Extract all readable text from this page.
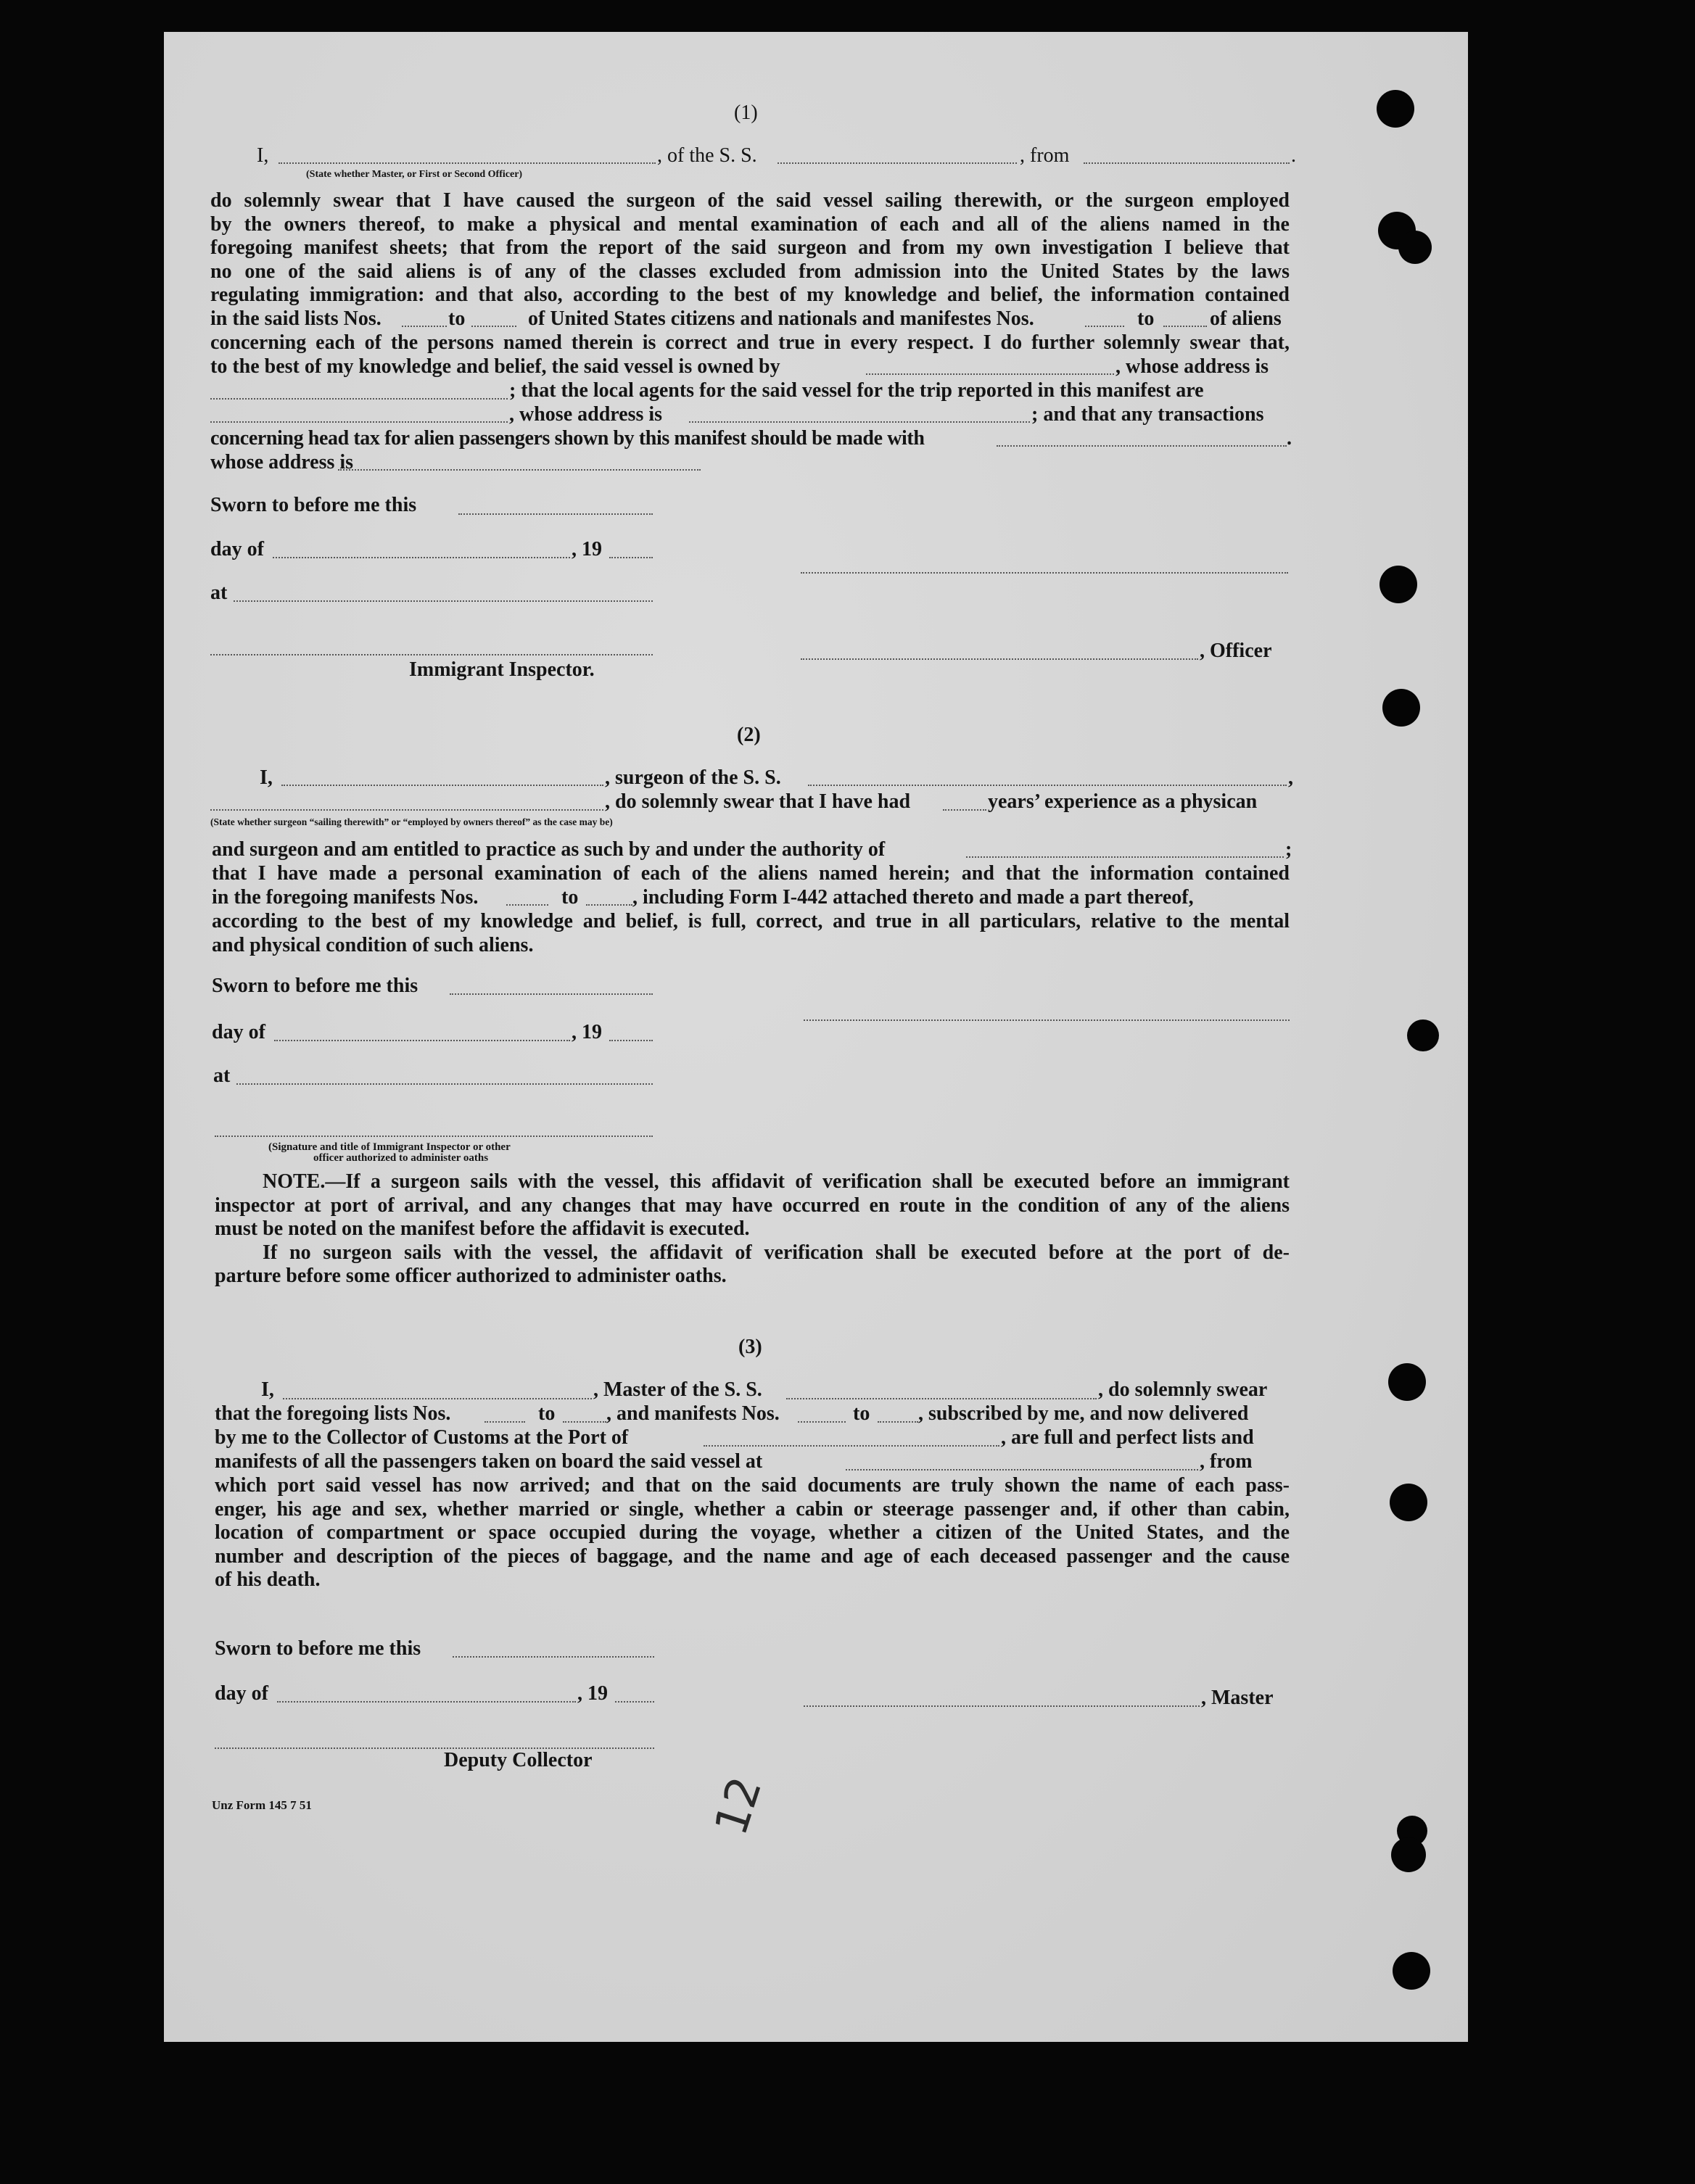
(1)
I,	, of the S. S.	, from	.
(State whether Master, or First or Second Officer)
do solemnly swear that I have caused the surgeon of the said vessel sailing therewith, or the surgeon employed
by the owners thereof, to make a physical and mental examination of each and all of the aliens named in the
foregoing manifest sheets; that from the report of the said surgeon and from my own investigation I believe that
no one of the said aliens is of any of the classes excluded from admission into the United States by the laws
regulating immigration: and that also, according to the best of my knowledge and belief, the information contained
in the said lists Nos.	to	of United States citizens and nationals and manifestes Nos.	to	of aliens
concerning each of the persons named therein is correct and true in every respect. I do further solemnly swear that,
to the best of my knowledge and belief, the said vessel is owned by	, whose address is
; that the local agents for the said vessel for the trip reported in this manifest are
, whose address is	; and that any transactions
concerning head tax for alien passengers shown by this manifest should be made with	.
whose address is
Sworn to before me this
day of	, 19
at
, Officer
Immigrant Inspector.
(2)
I,	, surgeon of the S. S.	,
, do solemnly swear that I have had	years’ experience as a physican
(State whether surgeon “sailing therewith” or “employed by owners thereof” as the case may be)
and surgeon and am entitled to practice as such by and under the authority of	;
that I have made a personal examination of each of the aliens named herein; and that the information contained
in the foregoing manifests Nos.	to	, including Form I-442 attached thereto and made a part thereof,
according to the best of my knowledge and belief, is full, correct, and true in all particulars, relative to the mental
and physical condition of such aliens.
Sworn to before me this
day of	, 19
at
(Signature and title of Immigrant Inspector or other
officer authorized to administer oaths
NOTE.—If a surgeon sails with the vessel, this affidavit of verification shall be executed before an immigrant
inspector at port of arrival, and any changes that may have occurred en route in the condition of any of the aliens
must be noted on the manifest before the affidavit is executed.
If no surgeon sails with the vessel, the affidavit of verification shall be executed before at the port of de-
parture before some officer authorized to administer oaths.
(3)
I,	, Master of the S. S.	, do solemnly swear
that the foregoing lists Nos.	to	, and manifests Nos.	to , subscribed by me, and now delivered
by me to the Collector of Customs at the Port of	, are full and perfect lists and
manifests of all the passengers taken on board the said vessel at	, from
which port said vessel has now arrived; and that on the said documents are truly shown the name of each pass-
enger, his age and sex, whether married or single, whether a cabin or steerage passenger and, if other than cabin,
location of compartment or space occupied during the voyage, whether a citizen of the United States, and the
number and description of the pieces of baggage, and the name and age of each deceased passenger and the cause
of his death.
Sworn to before me this
day of	, 19	, Master
Deputy Collector
Unz Form 145 7 51	12
